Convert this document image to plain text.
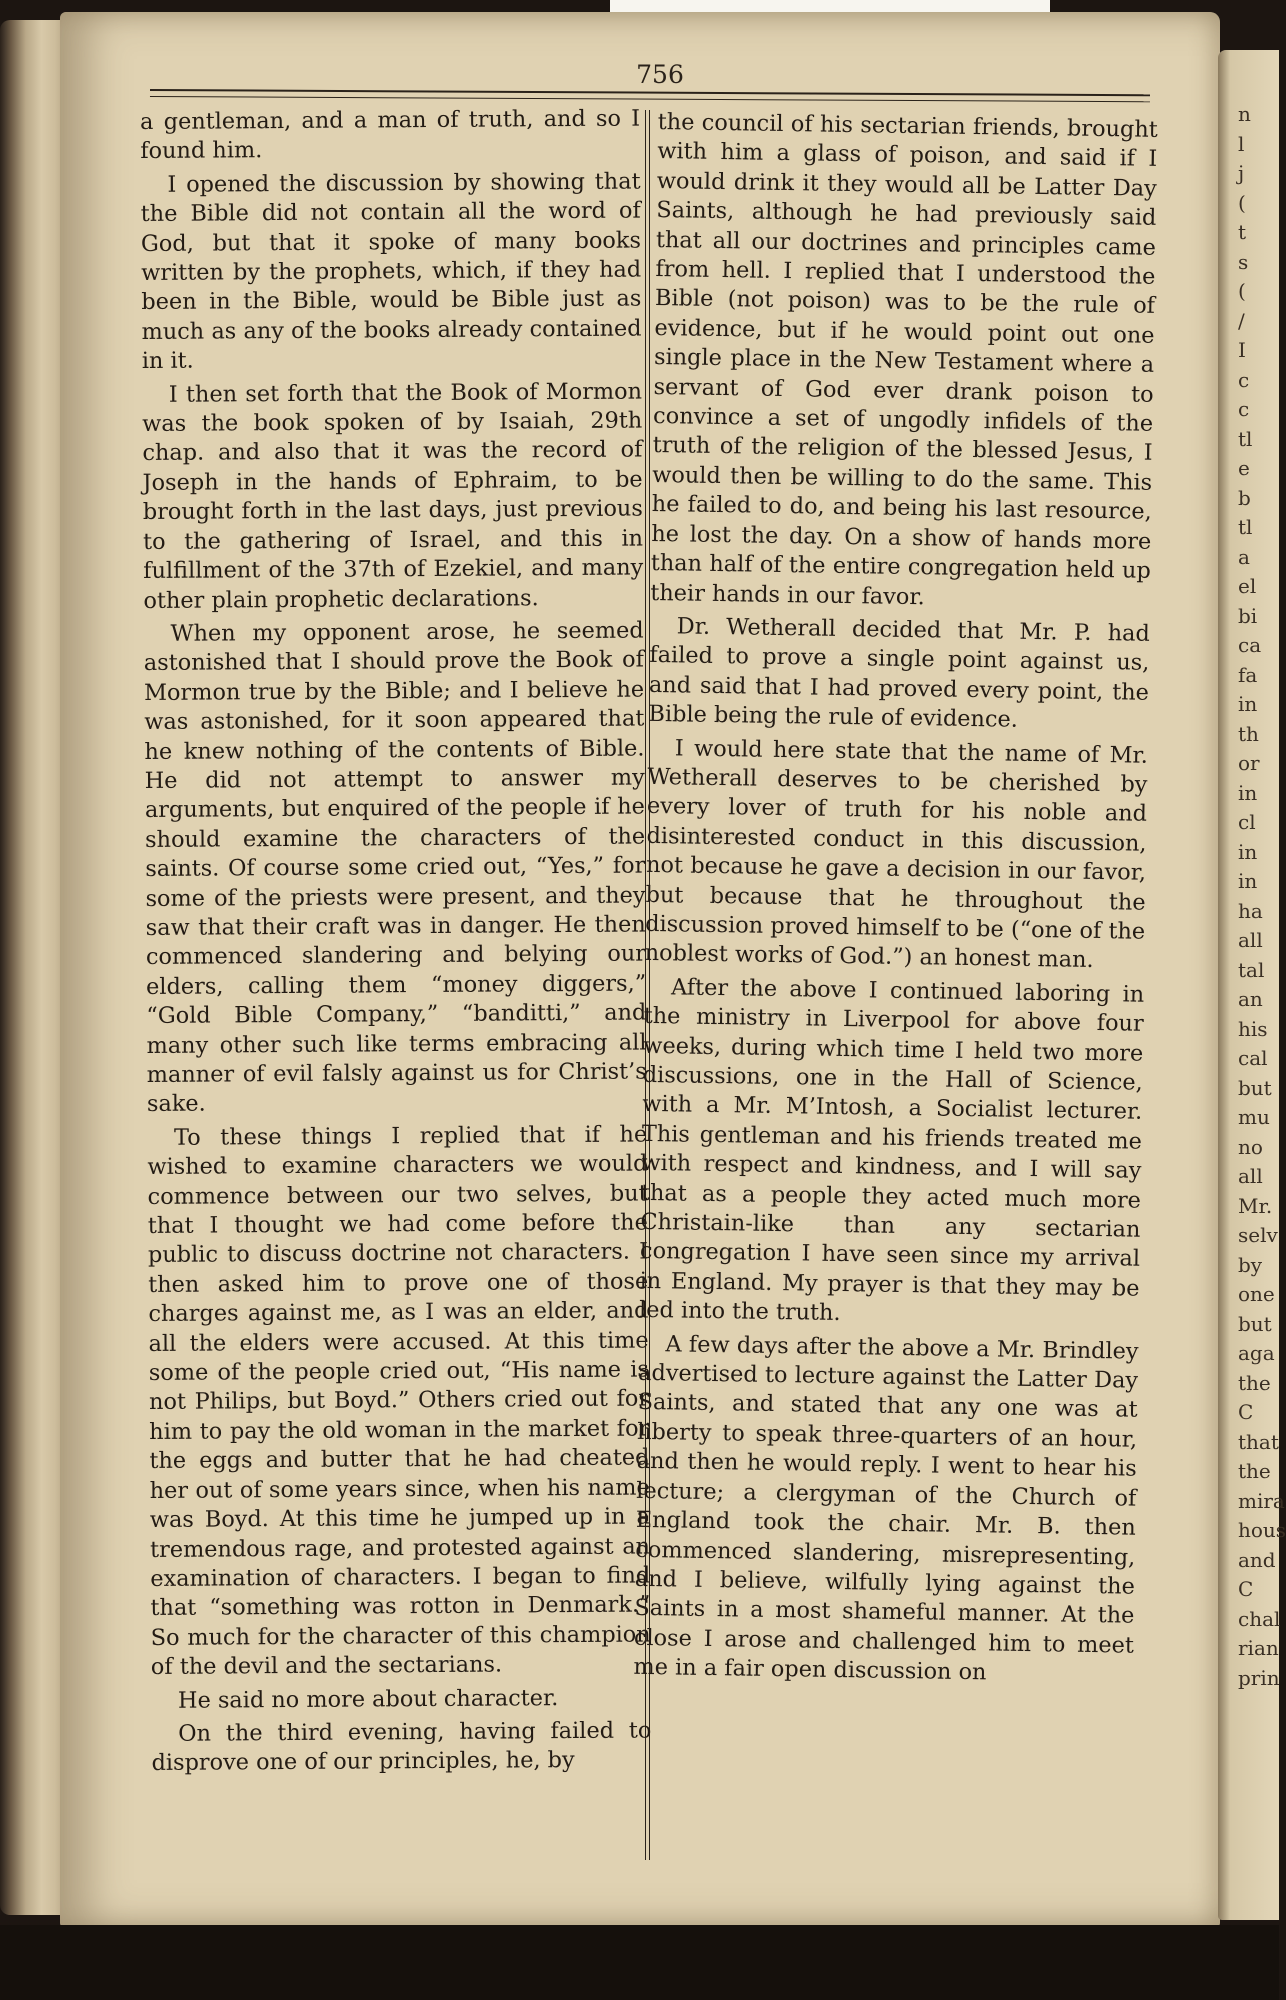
n
l
j
(
t
s
(
/
I
c
c
tl
e
b
tl
a
el
bi
ca
fa
in
th
or
in
cl
in
in
ha
all
tal
an
his
cal
but
mu
no
all
Mr.
selv
by
one
but
aga
the
C
that
the
mira
hous
and
C
chal
rian
prin
756

a gentleman, and a man of truth, and so I found him.

I opened the discussion by showing that the Bible did not contain all the word of God, but that it spoke of many books written by the prophets, which, if they had been in the Bible, would be Bible just as much as any of the books already contained in it.

I then set forth that the Book of Mormon was the book spoken of by Isaiah, 29th chap. and also that it was the record of Joseph in the hands of Ephraim, to be brought forth in the last days, just previous to the gathering of Israel, and this in fulfillment of the 37th of Ezekiel, and many other plain prophetic declarations.

When my opponent arose, he seemed astonished that I should prove the Book of Mormon true by the Bible; and I believe he was astonished, for it soon appeared that he knew nothing of the contents of Bible. He did not attempt to answer my arguments, but enquired of the people if he should examine the characters of the saints. Of course some cried out, “Yes,” for some of the priests were present, and they saw that their craft was in danger. He then commenced slandering and belying our elders, calling them “money diggers,” “Gold Bible Company,” “banditti,” and many other such like terms embracing all manner of evil falsly against us for Christ’s sake.

To these things I replied that if he wished to examine characters we would commence between our two selves, but that I thought we had come before the public to discuss doctrine not characters. I then asked him to prove one of those charges against me, as I was an elder, and all the elders were accused. At this time some of the people cried out, “His name is not Philips, but Boyd.” Others cried out for him to pay the old woman in the market for the eggs and butter that he had cheated her out of some years since, when his name was Boyd. At this time he jumped up in a tremendous rage, and protested against an examination of characters. I began to find that “something was rotton in Denmark.” So much for the character of this champion of the devil and the sectarians.

He said no more about character.

On the third evening, having failed to disprove one of our principles, he, by

the council of his sectarian friends, brought with him a glass of poison, and said if I would drink it they would all be Latter Day Saints, although he had previously said that all our doctrines and principles came from hell. I replied that I understood the Bible (not poison) was to be the rule of evidence, but if he would point out one single place in the New Testament where a servant of God ever drank poison to convince a set of ungodly infidels of the truth of the religion of the blessed Jesus, I would then be willing to do the same. This he failed to do, and being his last resource, he lost the day. On a show of hands more than half of the entire congregation held up their hands in our favor.

Dr. Wetherall decided that Mr. P. had failed to prove a single point against us, and said that I had proved every point, the Bible being the rule of evidence.

I would here state that the name of Mr. Wetherall deserves to be cherished by every lover of truth for his noble and disinterested conduct in this discussion, not because he gave a decision in our favor, but because that he throughout the discussion proved himself to be (“one of the noblest works of God.”) an honest man.

After the above I continued laboring in the ministry in Liverpool for above four weeks, during which time I held two more discussions, one in the Hall of Science, with a Mr. M’Intosh, a Socialist lecturer. This gentleman and his friends treated me with respect and kindness, and I will say that as a people they acted much more Christain-like than any sectarian congregation I have seen since my arrival in England. My prayer is that they may be led into the truth.

A few days after the above a Mr. Brindley advertised to lecture against the Latter Day Saints, and stated that any one was at liberty to speak three-quarters of an hour, and then he would reply. I went to hear his lecture; a clergyman of the Church of England took the chair. Mr. B. then commenced slandering, misrepresenting, and I believe, wilfully lying against the Saints in a most shameful manner. At the close I arose and challenged him to meet me in a fair open discussion on
